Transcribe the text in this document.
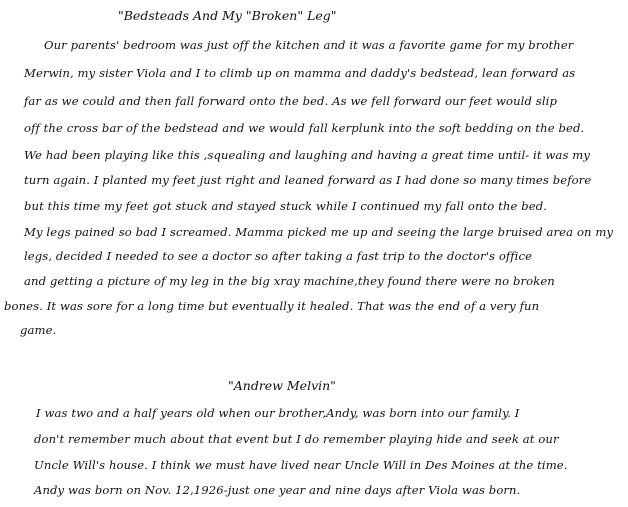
"Bedsteads And My "Broken" Leg"
Our parents' bedroom was just off the kitchen and it was a favorite game for my brother
Merwin, my sister Viola and I to climb up on mamma and daddy's bedstead, lean forward as
far as we could and then fall forward onto the bed. As we fell forward our feet would slip
off the cross bar of the bedstead and we would fall kerplunk into the soft bedding on the bed.
We had been playing like this ,squealing and laughing and having a great time until- it was my
turn again. I planted my feet just right and leaned forward as I had done so many times before
but this time my feet got stuck and stayed stuck while I continued my fall onto the bed.
My legs pained so bad I screamed. Mamma picked me up and seeing the large bruised area on my
legs, decided I needed to see a doctor so after taking a fast trip to the doctor's office
and getting a picture of my leg in the big xray machine,they found there were no broken
bones. It was sore for a long time but eventually it healed. That was the end of a very fun
game.
"Andrew Melvin"
I was two and a half years old when our brother,Andy, was born into our family. I
don't remember much about that event but I do remember playing hide and seek at our
Uncle Will's house. I think we must have lived near Uncle Will in Des Moines at the time.
Andy was born on Nov. 12,1926-just one year and nine days after Viola was born.
